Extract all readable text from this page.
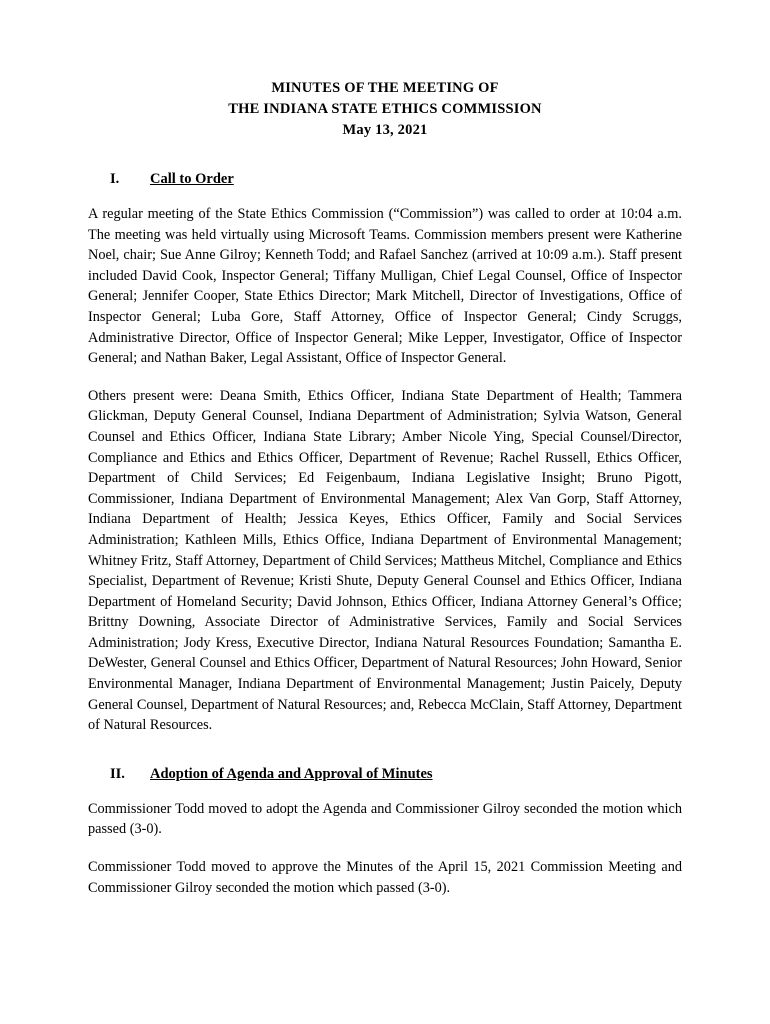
MINUTES OF THE MEETING OF
THE INDIANA STATE ETHICS COMMISSION
May 13, 2021
I.	Call to Order

A regular meeting of the State Ethics Commission (“Commission”) was called to order at 10:04 a.m. The meeting was held virtually using Microsoft Teams. Commission members present were Katherine Noel, chair; Sue Anne Gilroy; Kenneth Todd; and Rafael Sanchez (arrived at 10:09 a.m.). Staff present included David Cook, Inspector General; Tiffany Mulligan, Chief Legal Counsel, Office of Inspector General; Jennifer Cooper, State Ethics Director; Mark Mitchell, Director of Investigations, Office of Inspector General; Luba Gore, Staff Attorney, Office of Inspector General; Cindy Scruggs, Administrative Director, Office of Inspector General; Mike Lepper, Investigator, Office of Inspector General; and Nathan Baker, Legal Assistant, Office of Inspector General.

Others present were: Deana Smith, Ethics Officer, Indiana State Department of Health; Tammera Glickman, Deputy General Counsel, Indiana Department of Administration; Sylvia Watson, General Counsel and Ethics Officer, Indiana State Library; Amber Nicole Ying, Special Counsel/Director, Compliance and Ethics and Ethics Officer, Department of Revenue; Rachel Russell, Ethics Officer, Department of Child Services; Ed Feigenbaum, Indiana Legislative Insight; Bruno Pigott, Commissioner, Indiana Department of Environmental Management; Alex Van Gorp, Staff Attorney, Indiana Department of Health; Jessica Keyes, Ethics Officer, Family and Social Services Administration; Kathleen Mills, Ethics Office, Indiana Department of Environmental Management; Whitney Fritz, Staff Attorney, Department of Child Services; Mattheus Mitchel, Compliance and Ethics Specialist, Department of Revenue; Kristi Shute, Deputy General Counsel and Ethics Officer, Indiana Department of Homeland Security; David Johnson, Ethics Officer, Indiana Attorney General’s Office; Brittny Downing, Associate Director of Administrative Services, Family and Social Services Administration; Jody Kress, Executive Director, Indiana Natural Resources Foundation; Samantha E. DeWester, General Counsel and Ethics Officer, Department of Natural Resources; John Howard, Senior Environmental Manager, Indiana Department of Environmental Management; Justin Paicely, Deputy General Counsel, Department of Natural Resources; and, Rebecca McClain, Staff Attorney, Department of Natural Resources.

II.	Adoption of Agenda and Approval of Minutes

Commissioner Todd moved to adopt the Agenda and Commissioner Gilroy seconded the motion which passed (3-0).

Commissioner Todd moved to approve the Minutes of the April 15, 2021 Commission Meeting and Commissioner Gilroy seconded the motion which passed (3-0).
